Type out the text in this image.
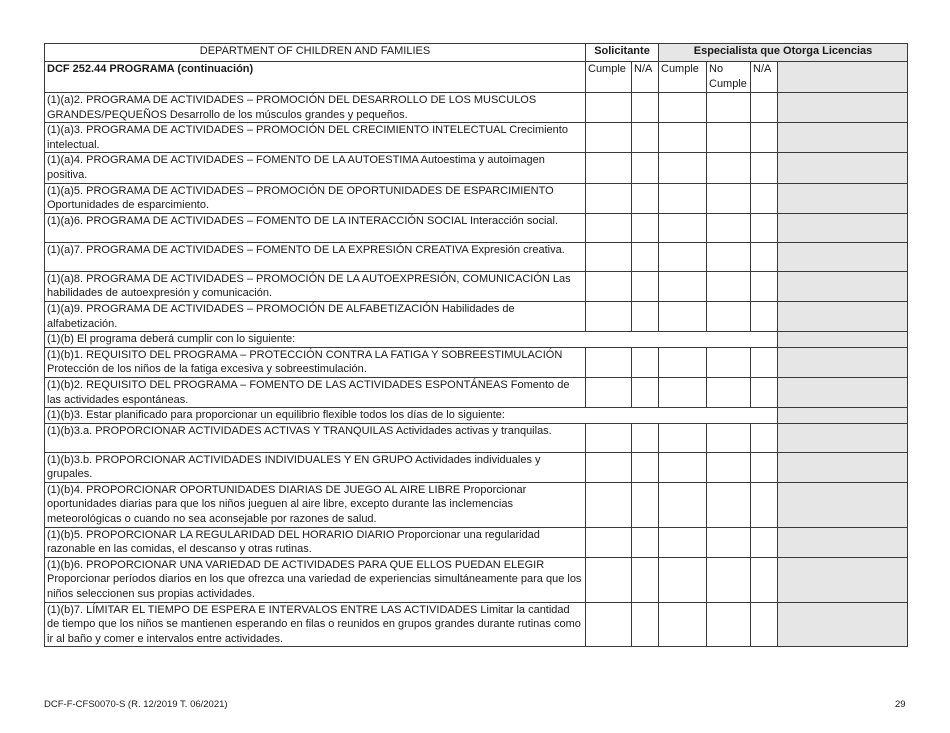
DEPARTMENT OF CHILDREN AND FAMILIES	Solicitante		Especialista que Otorga Licencias			
DCF 252.44 PROGRAMA (continuación)	Cumple	N/A	Cumple	No Cumple	N/A	
(1)(a)2. PROGRAMA DE ACTIVIDADES – PROMOCIÓN DEL DESARROLLO DE LOS MUSCULOS GRANDES/PEQUEÑOS Desarrollo de los músculos grandes y pequeños.						
(1)(a)3. PROGRAMA DE ACTIVIDADES – PROMOCIÓN DEL CRECIMIENTO INTELECTUAL Crecimiento intelectual.						
(1)(a)4. PROGRAMA DE ACTIVIDADES – FOMENTO DE LA AUTOESTIMA Autoestima y autoimagen positiva.						
(1)(a)5. PROGRAMA DE ACTIVIDADES – PROMOCIÓN DE OPORTUNIDADES DE ESPARCIMIENTO Oportunidades de esparcimiento.						
(1)(a)6. PROGRAMA DE ACTIVIDADES – FOMENTO DE LA INTERACCIÓN SOCIAL Interacción social.						
(1)(a)7. PROGRAMA DE ACTIVIDADES – FOMENTO DE LA EXPRESIÓN CREATIVA Expresión creativa.						
(1)(a)8. PROGRAMA DE ACTIVIDADES – PROMOCIÓN DE LA AUTOEXPRESIÓN, COMUNICACIÓN Las habilidades de autoexpresión y comunicación.						
(1)(a)9. PROGRAMA DE ACTIVIDADES – PROMOCIÓN DE ALFABETIZACIÓN Habilidades de alfabetización.						
(1)(b) El programa deberá cumplir con lo siguiente:						
(1)(b)1. REQUISITO DEL PROGRAMA – PROTECCIÓN CONTRA LA FATIGA Y SOBREESTIMULACIÓN Protección de los niños de la fatiga excesiva y sobreestimulación.						
(1)(b)2. REQUISITO DEL PROGRAMA – FOMENTO DE LAS ACTIVIDADES ESPONTÁNEAS Fomento de las actividades espontáneas.						
(1)(b)3. Estar planificado para proporcionar un equilibrio flexible todos los días de lo siguiente:						
(1)(b)3.a. PROPORCIONAR ACTIVIDADES ACTIVAS Y TRANQUILAS Actividades activas y tranquilas.						
(1)(b)3.b. PROPORCIONAR ACTIVIDADES INDIVIDUALES Y EN GRUPO Actividades individuales y grupales.						
(1)(b)4. PROPORCIONAR OPORTUNIDADES DIARIAS DE JUEGO AL AIRE LIBRE Proporcionar oportunidades diarias para que los niños jueguen al aire libre, excepto durante las inclemencias meteorológicas o cuando no sea aconsejable por razones de salud.						
(1)(b)5. PROPORCIONAR LA REGULARIDAD DEL HORARIO DIARIO Proporcionar una regularidad razonable en las comidas, el descanso y otras rutinas.						
(1)(b)6. PROPORCIONAR UNA VARIEDAD DE ACTIVIDADES PARA QUE ELLOS PUEDAN ELEGIR Proporcionar períodos diarios en los que ofrezca una variedad de experiencias simultáneamente para que los niños seleccionen sus propias actividades.						
(1)(b)7. LÍMITAR EL TIEMPO DE ESPERA E INTERVALOS ENTRE LAS ACTIVIDADES Limitar la cantidad de tiempo que los niños se mantienen esperando en filas o reunidos en grupos grandes durante rutinas como ir al baño y comer e intervalos entre actividades.						
DCF-F-CFS0070-S (R. 12/2019 T. 06/2021)	29
